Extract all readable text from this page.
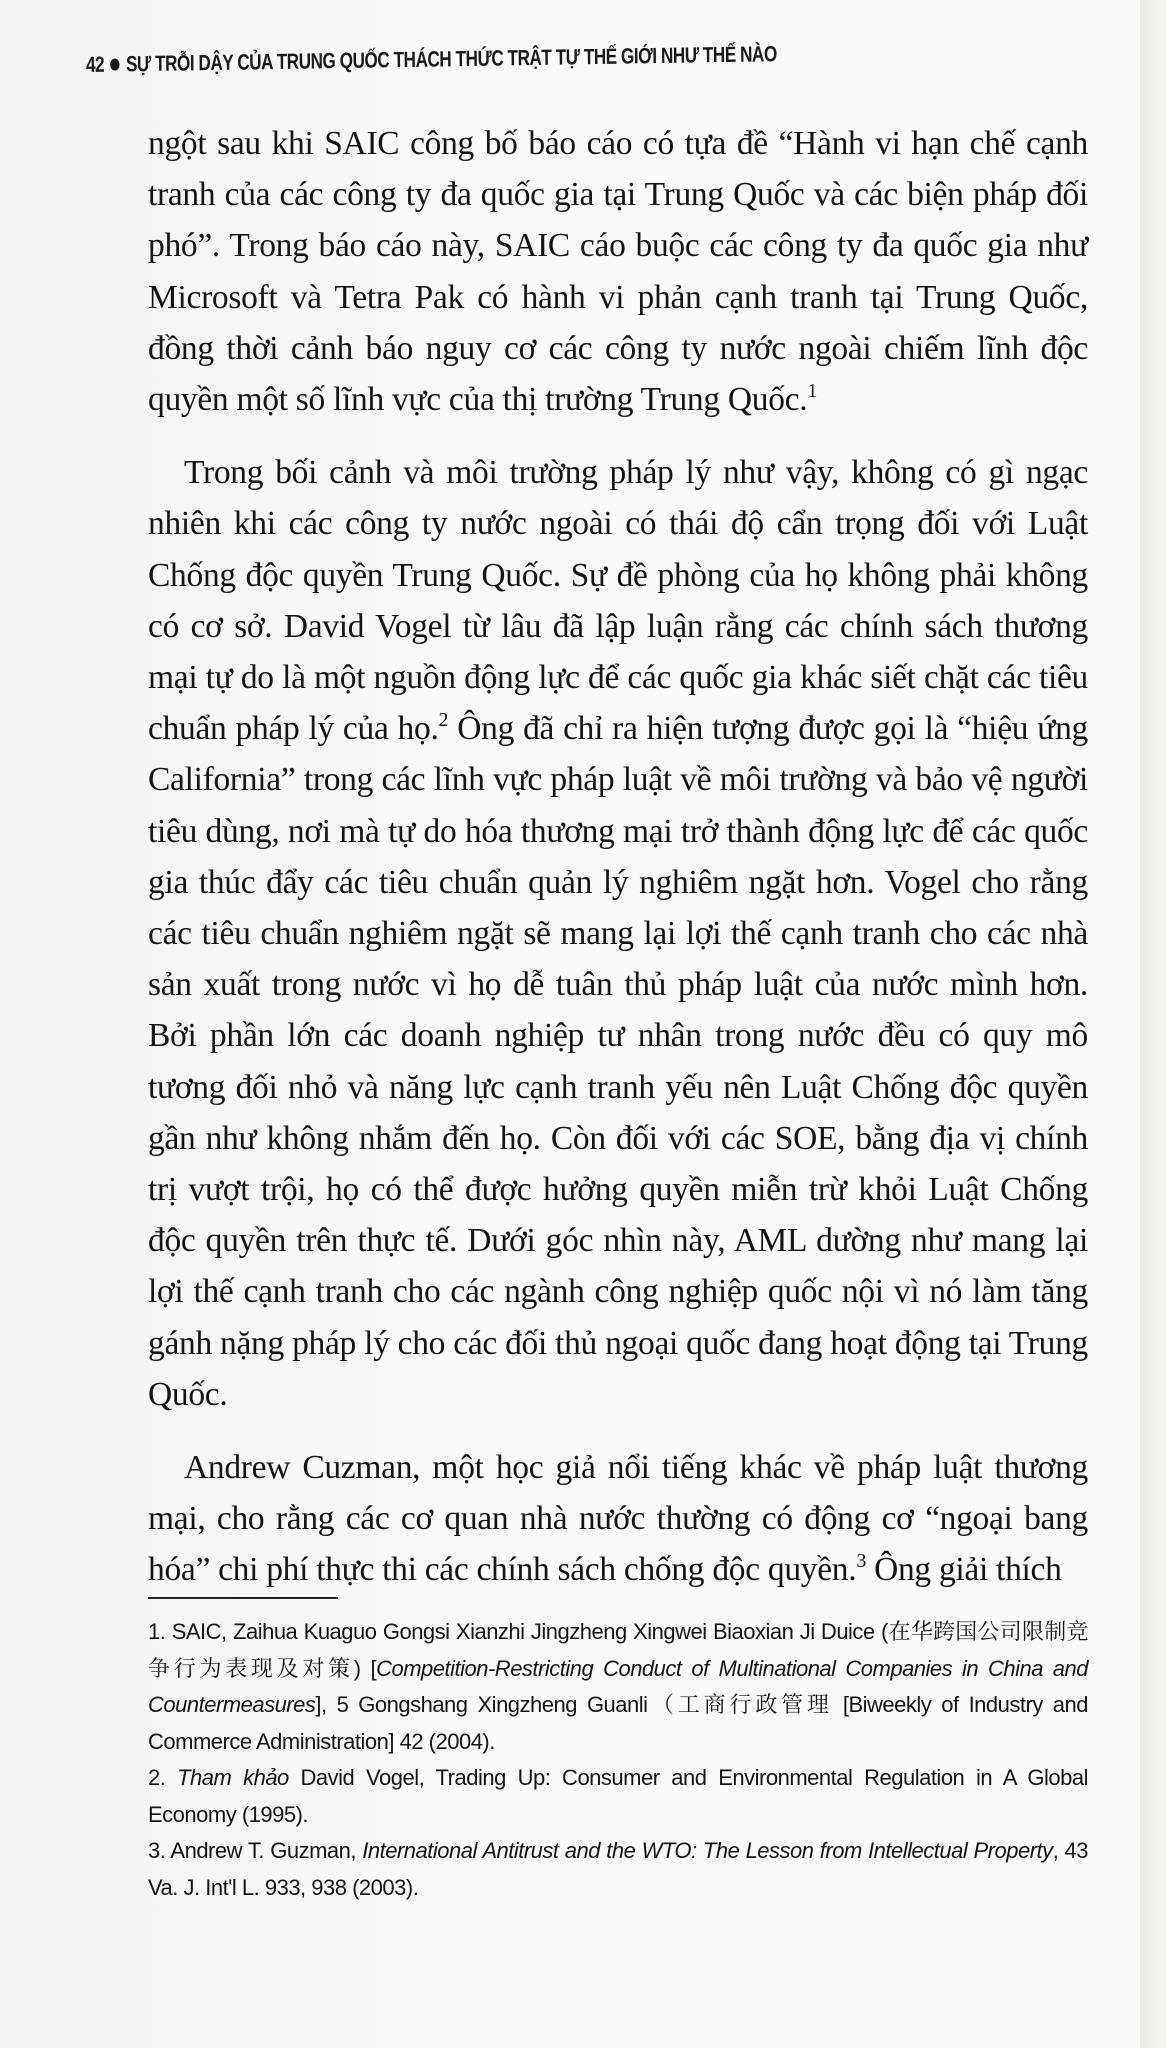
42 SỰ TRỖI DẬY CỦA TRUNG QUỐC THÁCH THỨC TRẬT TỰ THẾ GIỚI NHƯ THẾ NÀO

ngột sau khi SAIC công bố báo cáo có tựa đề “Hành vi hạn chế cạnh tranh của các công ty đa quốc gia tại Trung Quốc và các biện pháp đối phó”. Trong báo cáo này, SAIC cáo buộc các công ty đa quốc gia như Microsoft và Tetra Pak có hành vi phản cạnh tranh tại Trung Quốc, đồng thời cảnh báo nguy cơ các công ty nước ngoài chiếm lĩnh độc quyền một số lĩnh vực của thị trường Trung Quốc.$^1$

Trong bối cảnh và môi trường pháp lý như vậy, không có gì ngạc nhiên khi các công ty nước ngoài có thái độ cẩn trọng đối với Luật Chống độc quyền Trung Quốc. Sự đề phòng của họ không phải không có cơ sở. David Vogel từ lâu đã lập luận rằng các chính sách thương mại tự do là một nguồn động lực để các quốc gia khác siết chặt các tiêu chuẩn pháp lý của họ.$^2$ Ông đã chỉ ra hiện tượng được gọi là “hiệu ứng California” trong các lĩnh vực pháp luật về môi trường và bảo vệ người tiêu dùng, nơi mà tự do hóa thương mại trở thành động lực để các quốc gia thúc đẩy các tiêu chuẩn quản lý nghiêm ngặt hơn. Vogel cho rằng các tiêu chuẩn nghiêm ngặt sẽ mang lại lợi thế cạnh tranh cho các nhà sản xuất trong nước vì họ dễ tuân thủ pháp luật của nước mình hơn. Bởi phần lớn các doanh nghiệp tư nhân trong nước đều có quy mô tương đối nhỏ và năng lực cạnh tranh yếu nên Luật Chống độc quyền gần như không nhắm đến họ. Còn đối với các SOE, bằng địa vị chính trị vượt trội, họ có thể được hưởng quyền miễn trừ khỏi Luật Chống độc quyền trên thực tế. Dưới góc nhìn này, AML dường như mang lại lợi thế cạnh tranh cho các ngành công nghiệp quốc nội vì nó làm tăng gánh nặng pháp lý cho các đối thủ ngoại quốc đang hoạt động tại Trung Quốc.

Andrew Cuzman, một học giả nổi tiếng khác về pháp luật thương mại, cho rằng các cơ quan nhà nước thường có động cơ “ngoại bang hóa” chi phí thực thi các chính sách chống độc quyền.$^3$ Ông giải thích

1. SAIC, Zaihua Kuaguo Gongsi Xianzhi Jingzheng Xingwei Biaoxian Ji Duice (在华跨国公司限制竞争行为表现及对策) [Competition-Restricting Conduct of Multinational Companies in China and Countermeasures], 5 Gongshang Xingzheng Guanli（工商行政管理 [Biweekly of Industry and Commerce Administration] 42 (2004).

2. Tham khảo David Vogel, Trading Up: Consumer and Environmental Regulation in A Global Economy (1995).

3. Andrew T. Guzman, International Antitrust and the WTO: The Lesson from Intellectual Property, 43 Va. J. Int'l L. 933, 938 (2003).
